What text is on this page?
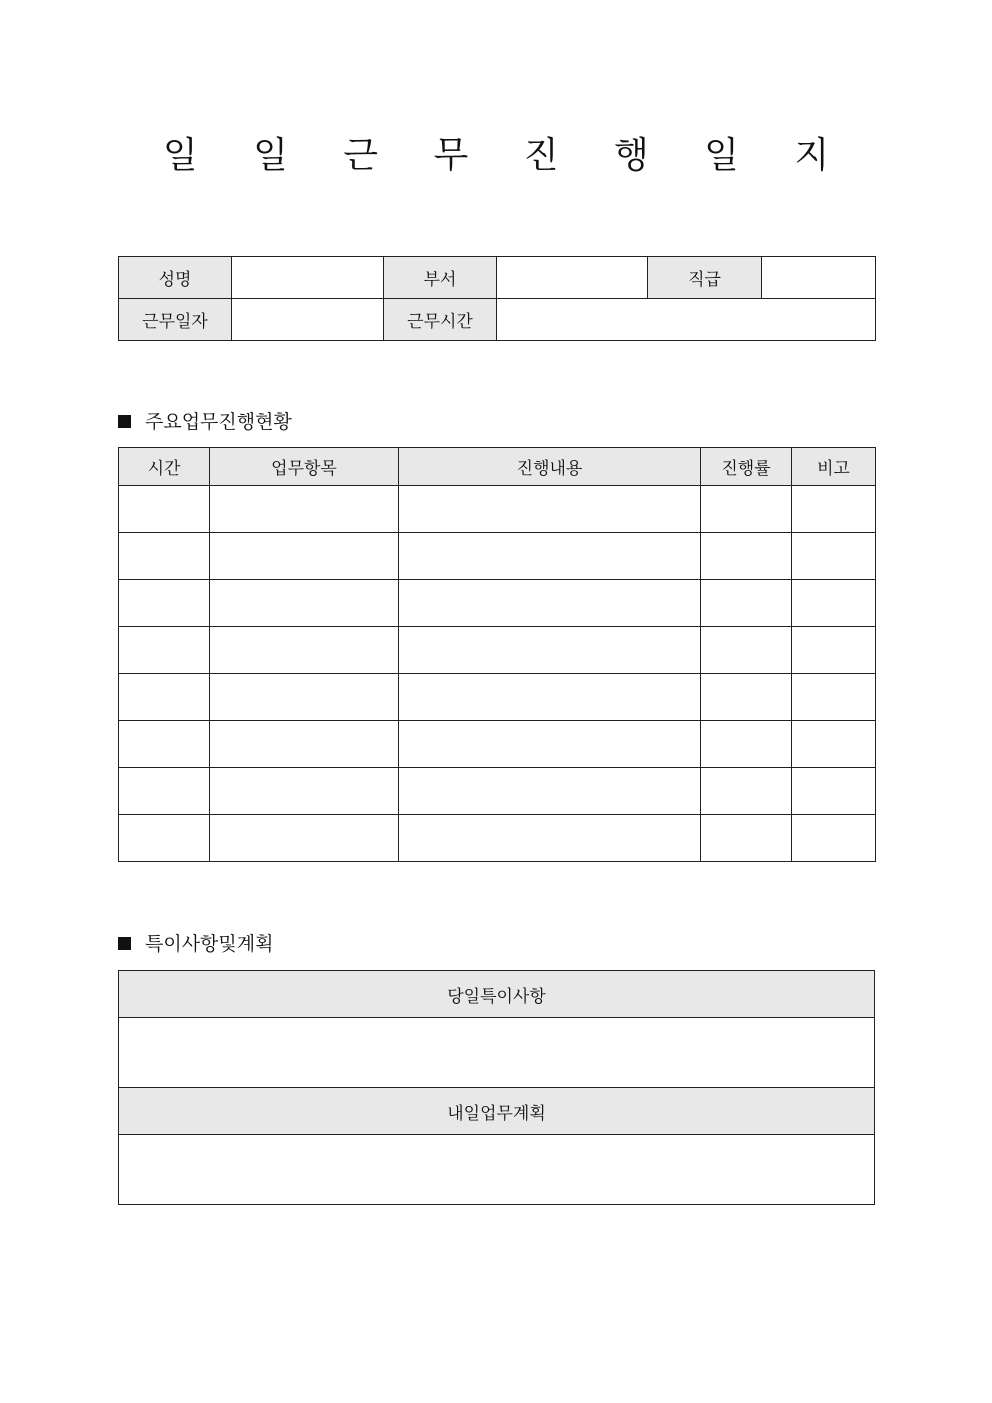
일 일 근 무 진 행 일 지
성명		부서		직급	
근무일자		근무시간			
주요업무진행현황
시간	업무항목	진행내용	진행률	비고

특이사항및계획
당일특이사항

내일업무계획
